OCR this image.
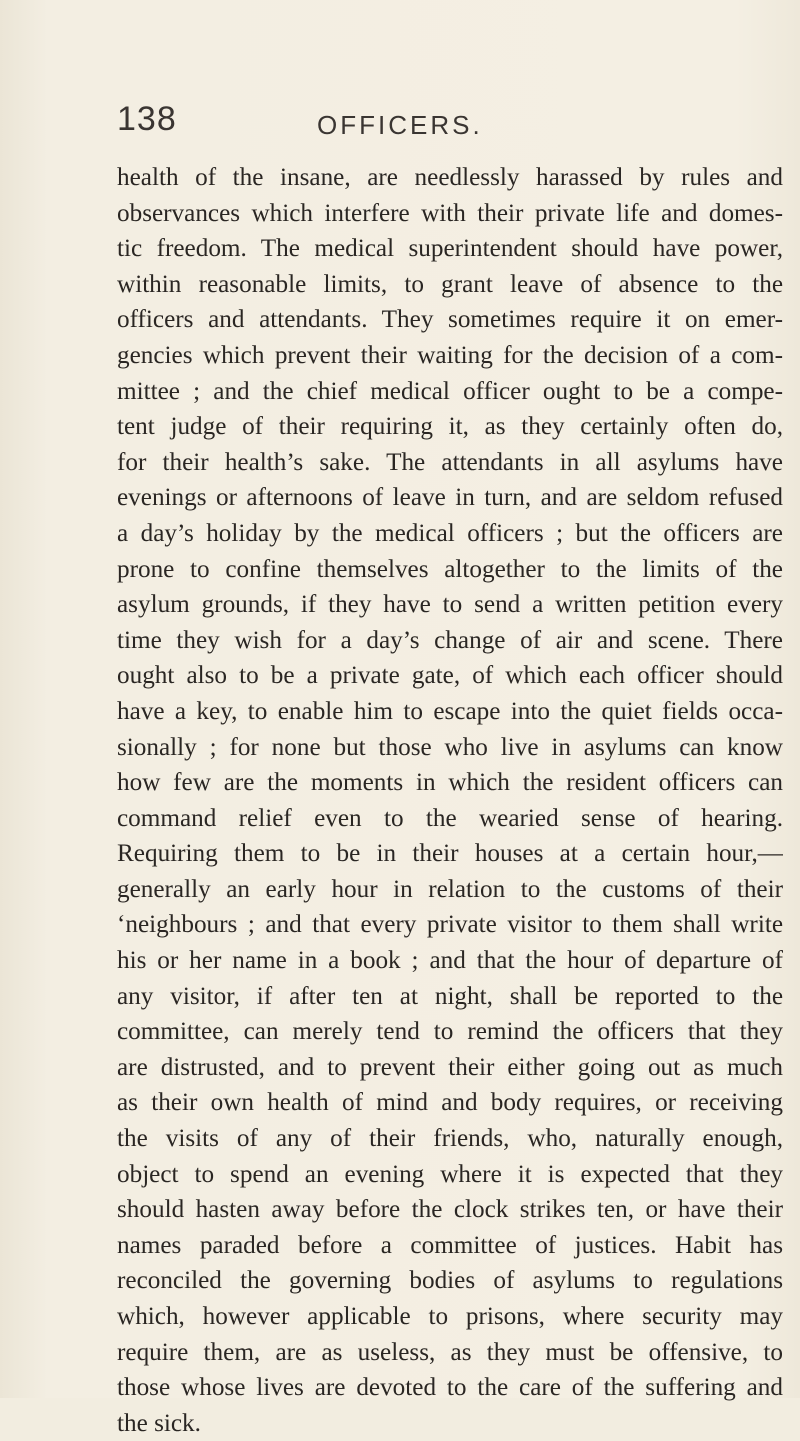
138	OFFICERS.
health of the insane, are needlessly harassed by rules and
observances which interfere with their private life and domes-
tic freedom. The medical superintendent should have power,
within reasonable limits, to grant leave of absence to the
officers and attendants. They sometimes require it on emer-
gencies which prevent their waiting for the decision of a com-
mittee ; and the chief medical officer ought to be a compe-
tent judge of their requiring it, as they certainly often do,
for their health’s sake. The attendants in all asylums have
evenings or afternoons of leave in turn, and are seldom refused
a day’s holiday by the medical officers ; but the officers are
prone to confine themselves altogether to the limits of the
asylum grounds, if they have to send a written petition every
time they wish for a day’s change of air and scene. There
ought also to be a private gate, of which each officer should
have a key, to enable him to escape into the quiet fields occa-
sionally ; for none but those who live in asylums can know
how few are the moments in which the resident officers can
command relief even to the wearied sense of hearing.
Requiring them to be in their houses at a certain hour,—
generally an early hour in relation to the customs of their
‘neighbours ; and that every private visitor to them shall write
his or her name in a book ; and that the hour of departure of
any visitor, if after ten at night, shall be reported to the
committee, can merely tend to remind the officers that they
are distrusted, and to prevent their either going out as much
as their own health of mind and body requires, or receiving
the visits of any of their friends, who, naturally enough,
object to spend an evening where it is expected that they
should hasten away before the clock strikes ten, or have their
names paraded before a committee of justices. Habit has
reconciled the governing bodies of asylums to regulations
which, however applicable to prisons, where security may
require them, are as useless, as they must be offensive, to
those whose lives are devoted to the care of the suffering and
the sick.
